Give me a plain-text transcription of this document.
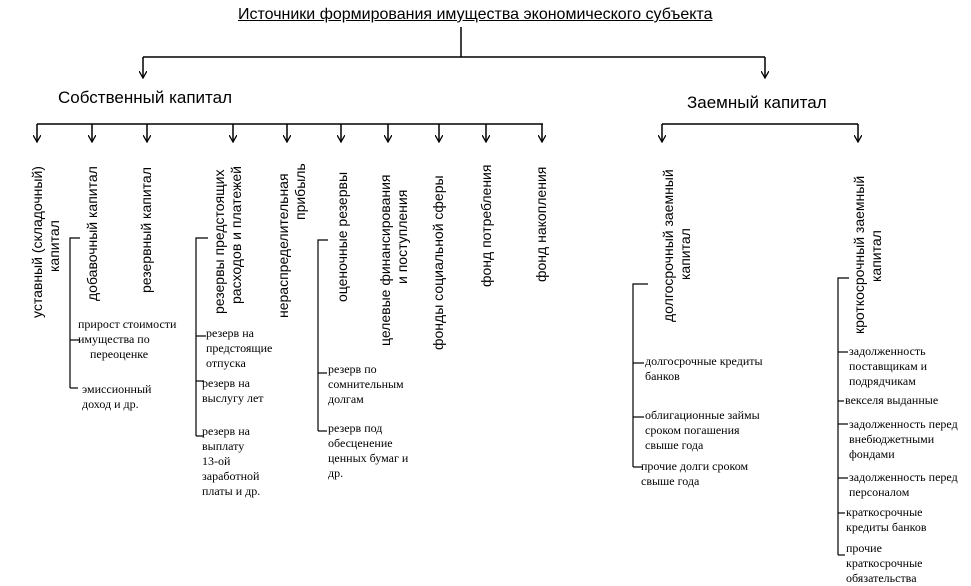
Источники формирования имущества экономического субъекта
Собственный капитал	Заемный капитал
уставный (складочный) капитал добавочный капитал	резервный капитал	резервы предстоящих расходов и платежей нераспределительная прибыль оценочные резервы целевые финансирования и поступления фонды социальной сферы фонд потребления	фонд накопления	долгосрочный заемный капитал	кроткосрочный заемный капитал
прирост стоимости
имущества по
переоценке
эмиссионный
доход и др.
резерв на
предстоящие
отпуска
резерв на
выслугу лет
резерв на
выплату
13-ой
заработной
платы и др.
резерв по
сомнительным
долгам
резерв под
обесценение
ценных бумаг и
др.
долгосрочные кредиты
банков
облигационные займы
сроком погашения
свыше года
прочие долги сроком
свыше года
задолженность
поставщикам и
подрядчикам
векселя выданные
задолженность перед
внебюджетными
фондами
задолженность перед
персоналом
краткосрочные
кредиты банков
прочие
краткосрочные
обязательства
